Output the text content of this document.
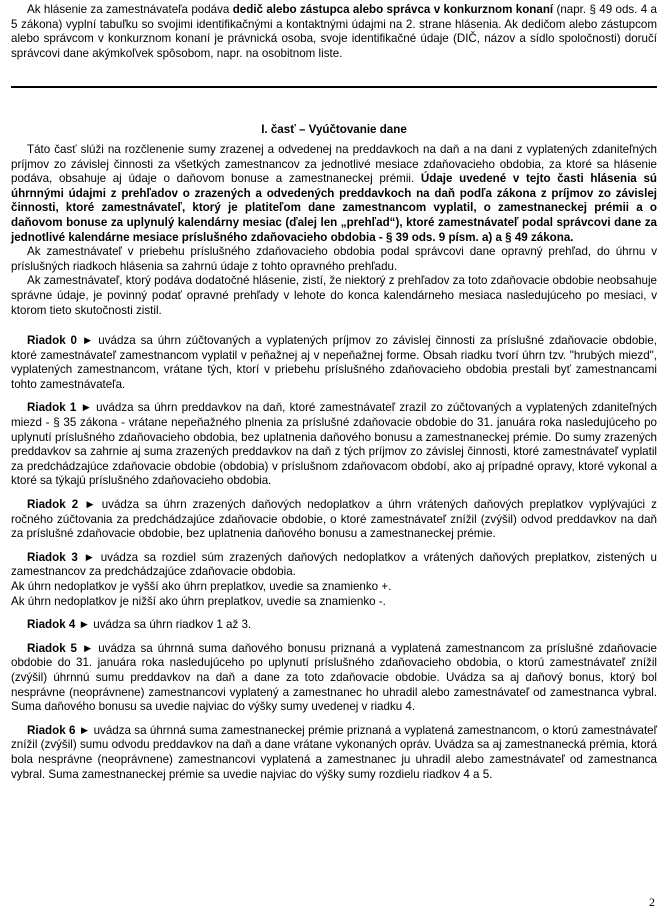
Ak hlásenie za zamestnávateľa podáva dedič alebo zástupca alebo správca v konkurznom konaní (napr. § 49 ods. 4 a 5 zákona) vyplní tabuľku so svojimi identifikačnými a kontaktnými údajmi na 2. strane hlásenia. Ak dedičom alebo zástupcom alebo správcom v konkurznom konaní je právnická osoba, svoje identifikačné údaje (DIČ, názov a sídlo spoločnosti) doručí správcovi dane akýmkoľvek spôsobom, napr. na osobitnom liste.

I. časť – Vyúčtovanie dane

Táto časť slúži na rozčlenenie sumy zrazenej a odvedenej na preddavkoch na daň a na dani z vyplatených zdaniteľných príjmov zo závislej činnosti za všetkých zamestnancov za jednotlivé mesiace zdaňovacieho obdobia, za ktoré sa hlásenie podáva, obsahuje aj údaje o daňovom bonuse a zamestnaneckej prémii. Údaje uvedené v tejto časti hlásenia sú úhrnnými údajmi z prehľadov o zrazených a odvedených preddavkoch na daň podľa zákona z príjmov zo závislej činnosti, ktoré zamestnávateľ, ktorý je platiteľom dane zamestnancom vyplatil, o zamestnaneckej prémii a o daňovom bonuse za uplynulý kalendárny mesiac (ďalej len „prehľad“), ktoré zamestnávateľ podal správcovi dane za jednotlivé kalendárne mesiace príslušného zdaňovacieho obdobia - § 39 ods. 9 písm. a) a § 49 zákona.

Ak zamestnávateľ v priebehu príslušného zdaňovacieho obdobia podal správcovi dane opravný prehľad, do úhrnu v príslušných riadkoch hlásenia sa zahrnú údaje z tohto opravného prehľadu.

Ak zamestnávateľ, ktorý podáva dodatočné hlásenie, zistí, že niektorý z prehľadov za toto zdaňovacie obdobie neobsahuje správne údaje, je povinný podať opravné prehľady v lehote do konca kalendárneho mesiaca nasledujúceho po mesiaci, v ktorom tieto skutočnosti zistil.

Riadok 0 ► uvádza sa úhrn zúčtovaných a vyplatených príjmov zo závislej činnosti za príslušné zdaňovacie obdobie, ktoré zamestnávateľ zamestnancom vyplatil v peňažnej aj v nepeňažnej forme. Obsah riadku tvorí úhrn tzv. "hrubých miezd", vyplatených zamestnancom, vrátane tých, ktorí v priebehu príslušného zdaňovacieho obdobia prestali byť zamestnancami tohto zamestnávateľa.

Riadok 1 ► uvádza sa úhrn preddavkov na daň, ktoré zamestnávateľ zrazil zo zúčtovaných a vyplatených zdaniteľných miezd - § 35 zákona - vrátane nepeňažného plnenia za príslušné zdaňovacie obdobie do 31. januára roka nasledujúceho po uplynutí príslušného zdaňovacieho obdobia, bez uplatnenia daňového bonusu a zamestnaneckej prémie. Do sumy zrazených preddavkov sa zahrnie aj suma zrazených preddavkov na daň z tých príjmov zo závislej činnosti, ktoré zamestnávateľ vyplatil za predchádzajúce zdaňovacie obdobie (obdobia) v príslušnom zdaňovacom období, ako aj prípadné opravy, ktoré vykonal a ktoré sa týkajú príslušného zdaňovacieho obdobia.

Riadok 2 ► uvádza sa úhrn zrazených daňových nedoplatkov a úhrn vrátených daňových preplatkov vyplývajúci z ročného zúčtovania za predchádzajúce zdaňovacie obdobie, o ktoré zamestnávateľ znížil (zvýšil) odvod preddavkov na daň za príslušné zdaňovacie obdobie, bez uplatnenia daňového bonusu a zamestnaneckej prémie.

Riadok 3 ► uvádza sa rozdiel súm zrazených daňových nedoplatkov a vrátených daňových preplatkov, zistených u zamestnancov za predchádzajúce zdaňovacie obdobia.

Ak úhrn nedoplatkov je vyšší ako úhrn preplatkov, uvedie sa znamienko +.

Ak úhrn nedoplatkov je nižší ako úhrn preplatkov, uvedie sa znamienko -.

Riadok 4 ► uvádza sa úhrn riadkov 1 až 3.

Riadok 5 ► uvádza sa úhrnná suma daňového bonusu priznaná a vyplatená zamestnancom za príslušné zdaňovacie obdobie do 31. januára roka nasledujúceho po uplynutí príslušného zdaňovacieho obdobia, o ktorú zamestnávateľ znížil (zvýšil) úhrnnú sumu preddavkov na daň a dane za toto zdaňovacie obdobie. Uvádza sa aj daňový bonus, ktorý bol nesprávne (neoprávnene) zamestnancovi vyplatený a zamestnanec ho uhradil alebo zamestnávateľ od zamestnanca vybral. Suma daňového bonusu sa uvedie najviac do výšky sumy uvedenej v riadku 4.

Riadok 6 ► uvádza sa úhrnná suma zamestnaneckej prémie priznaná a vyplatená zamestnancom, o ktorú zamestnávateľ znížil (zvýšil) sumu odvodu preddavkov na daň a dane vrátane vykonaných opráv. Uvádza sa aj zamestnanecká prémia, ktorá bola nesprávne (neoprávnene) zamestnancovi vyplatená a zamestnanec ju uhradil alebo zamestnávateľ od zamestnanca vybral. Suma zamestnaneckej prémie sa uvedie najviac do výšky sumy rozdielu riadkov 4 a 5.

2
